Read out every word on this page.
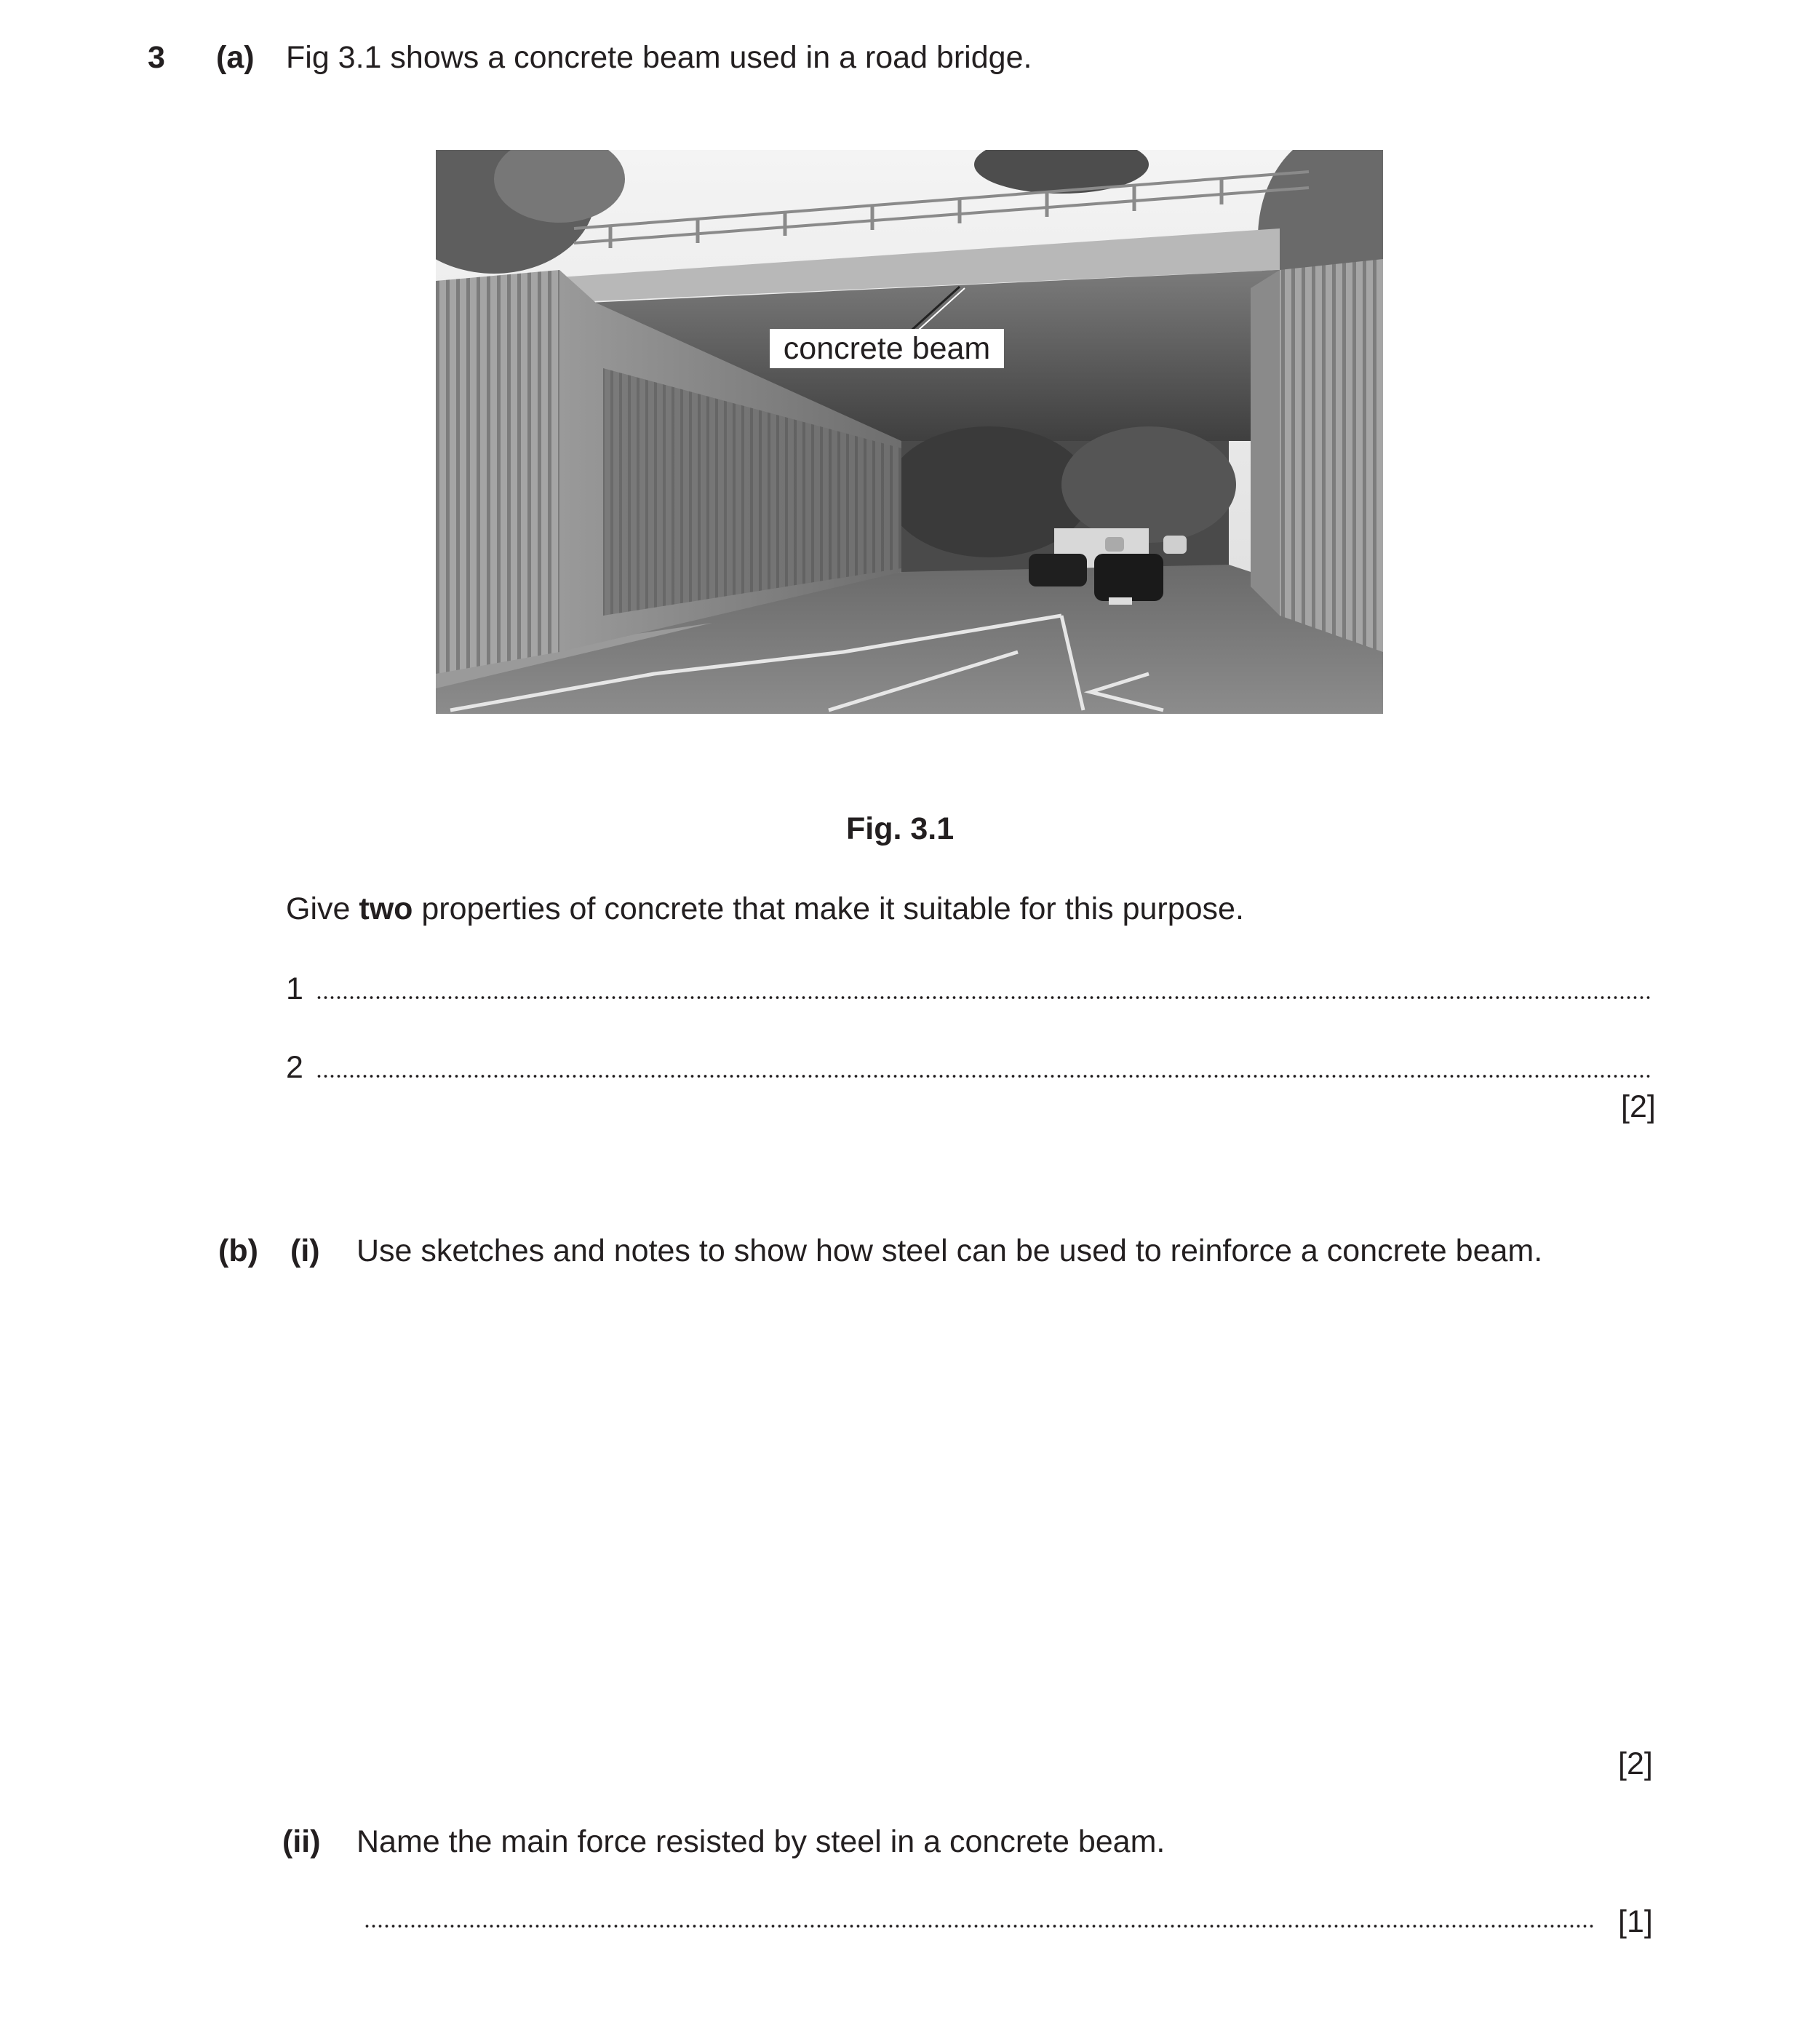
3 (a) Fig 3.1 shows a concrete beam used in a road bridge.
concrete beam
Fig. 3.1
Give two properties of concrete that make it suitable for this purpose.
1
2
[2]
(b) (i) Use sketches and notes to show how steel can be used to reinforce a concrete beam.
[2]
(ii) Name the main force resisted by steel in a concrete beam.
[1]
